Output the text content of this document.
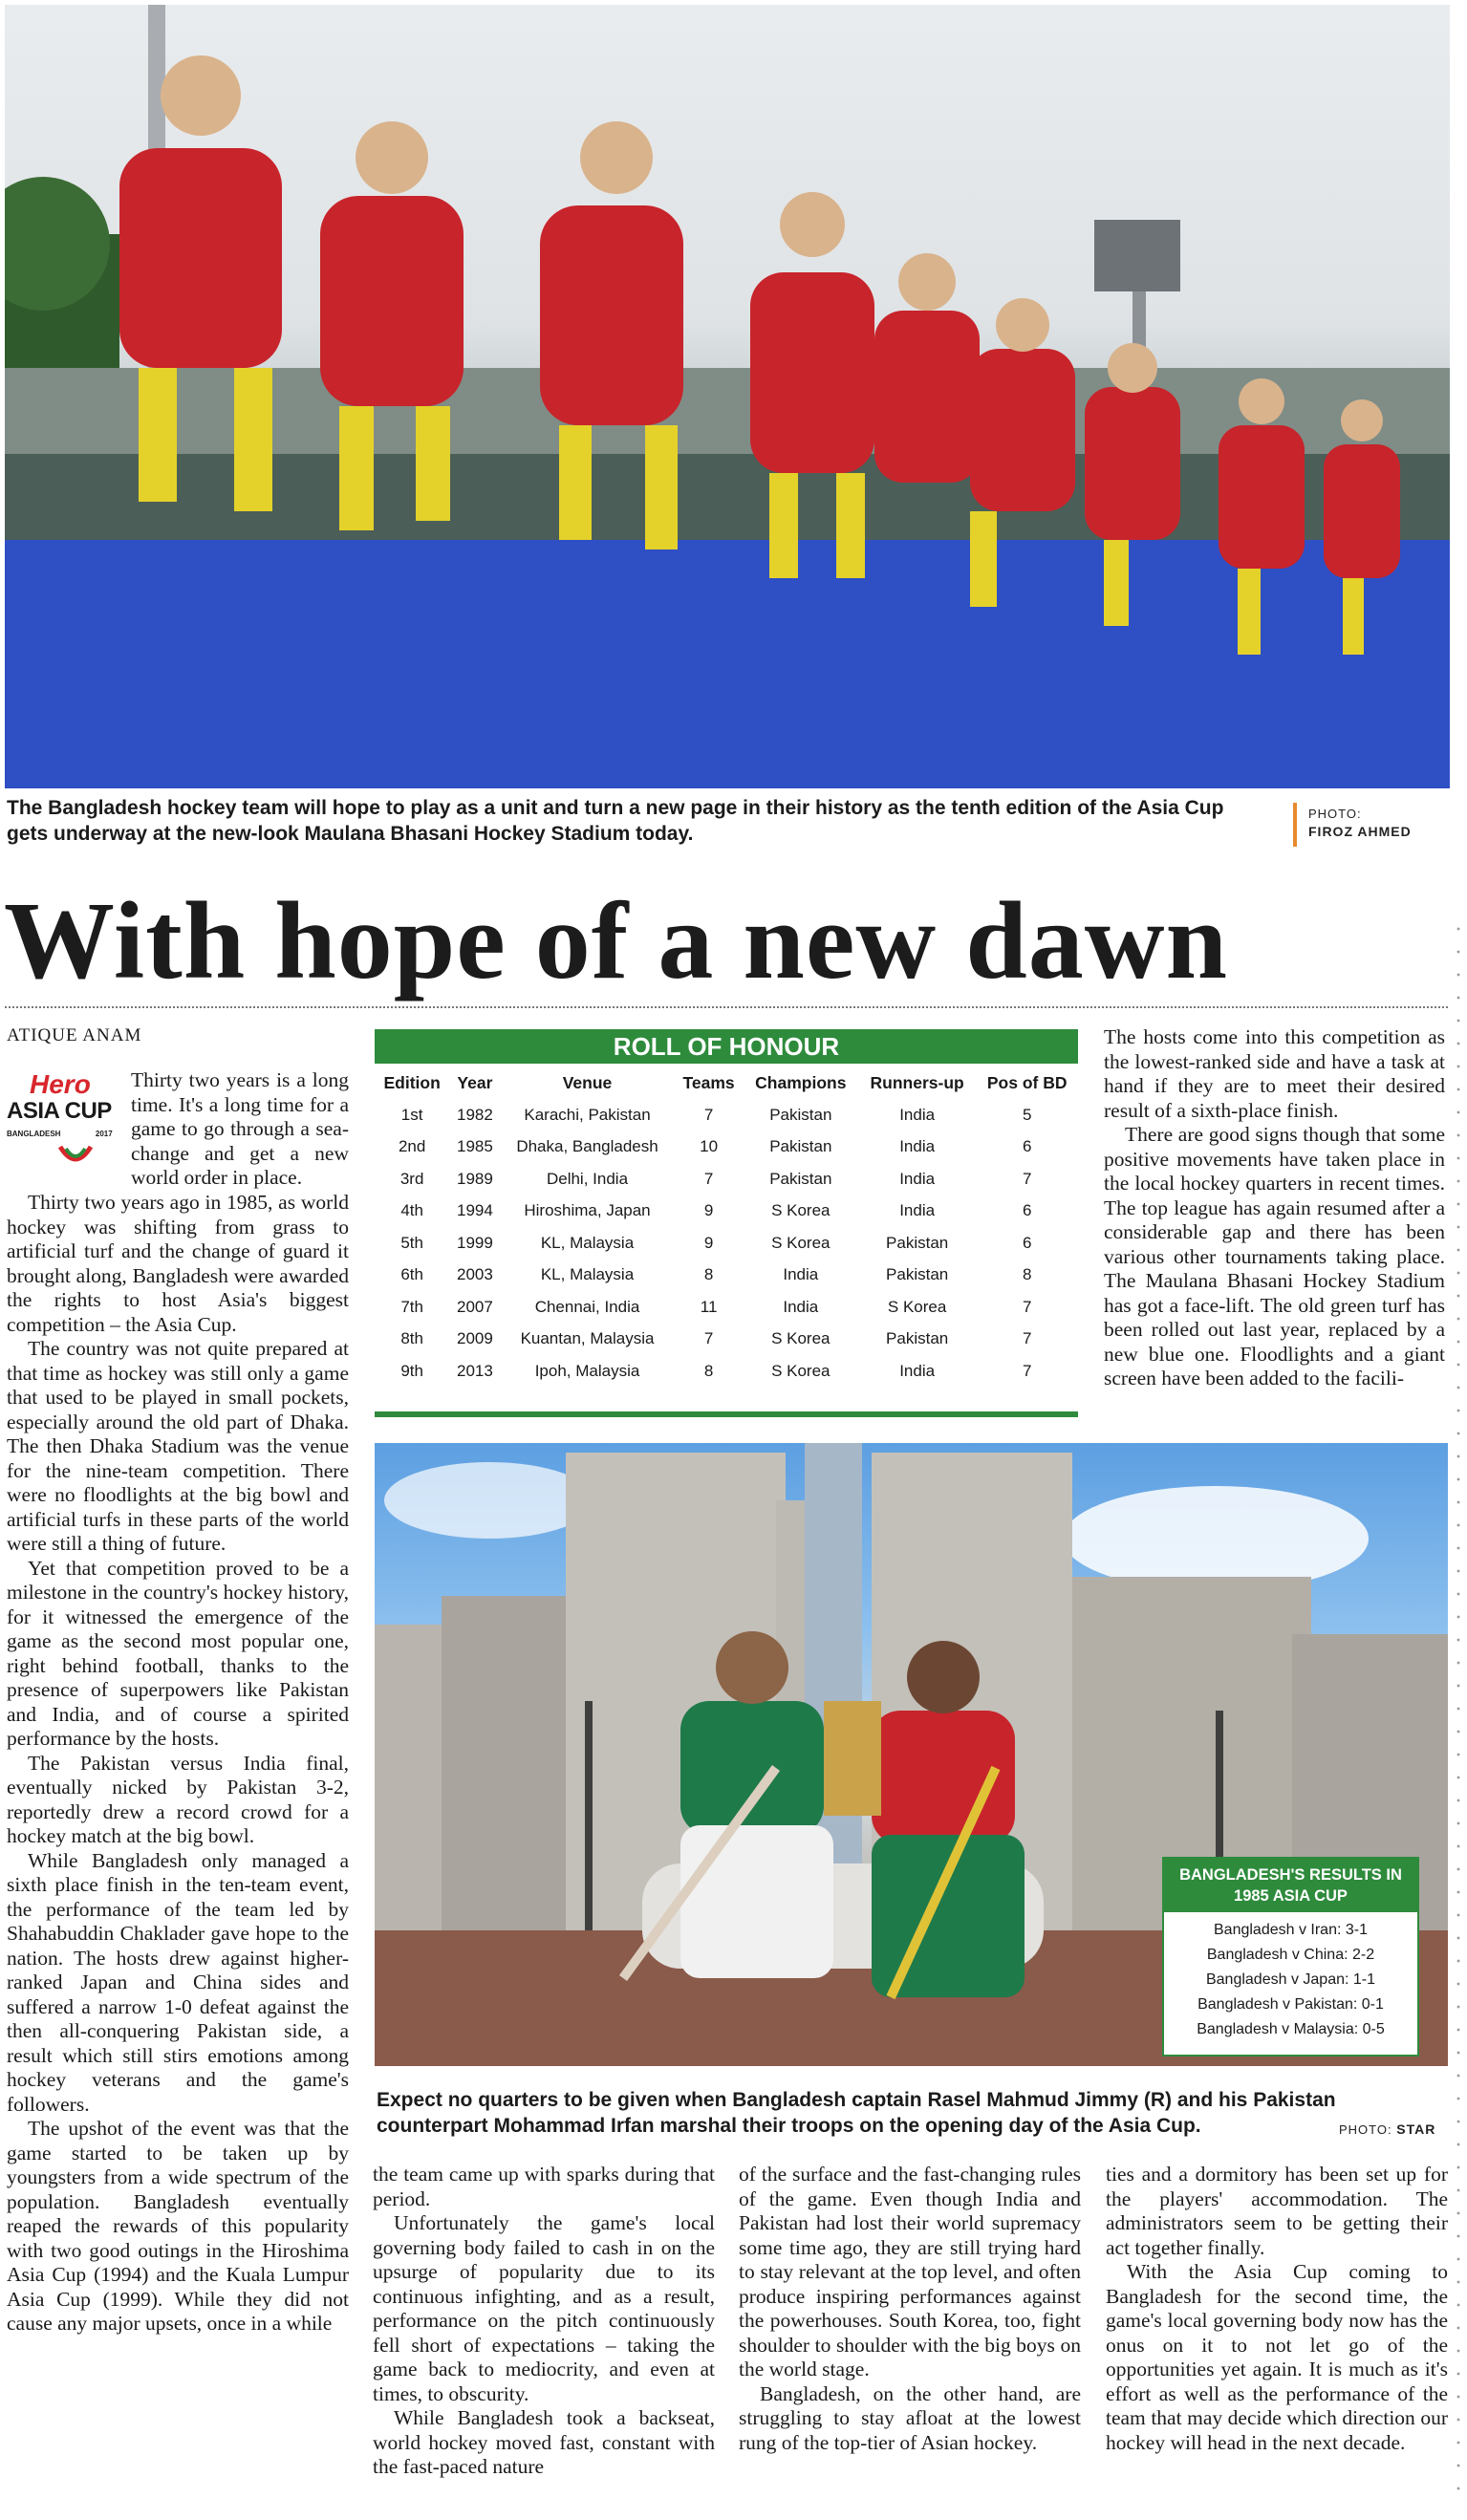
The Bangladesh hockey team will hope to play as a unit and turn a new page in their history as the tenth edition of the Asia Cup gets underway at the new-look Maulana Bhasani Hockey Stadium today.
PHOTO:
FIROZ AHMED
With hope of a new dawn
ATIQUE ANAM
Hero
ASIA CUP
BANGLADESH	2017

Thirty two years is a long time. It's a long time for a game to go through a sea-change and get a new world order in place.

Thirty two years ago in 1985, as world hockey was shifting from grass to artificial turf and the change of guard it brought along, Bangladesh were awarded the rights to host Asia's biggest competition – the Asia Cup.

The country was not quite prepared at that time as hockey was still only a game that used to be played in small pockets, especially around the old part of Dhaka. The then Dhaka Stadium was the venue for the nine-team competition. There were no floodlights at the big bowl and artificial turfs in these parts of the world were still a thing of future.

Yet that competition proved to be a milestone in the country's hockey history, for it witnessed the emergence of the game as the second most popular one, right behind football, thanks to the presence of superpowers like Pakistan and India, and of course a spirited performance by the hosts.

The Pakistan versus India final, eventually nicked by Pakistan 3-2, reportedly drew a record crowd for a hockey match at the big bowl.

While Bangladesh only managed a sixth place finish in the ten-team event, the performance of the team led by Shahabuddin Chaklader gave hope to the nation. The hosts drew against higher-ranked Japan and China sides and suffered a narrow 1-0 defeat against the then all-conquering Pakistan side, a result which still stirs emotions among hockey veterans and the game's followers.

The upshot of the event was that the game started to be taken up by youngsters from a wide spectrum of the population. Bangladesh eventually reaped the rewards of this popularity with two good outings in the Hiroshima Asia Cup (1994) and the Kuala Lumpur Asia Cup (1999). While they did not cause any major upsets, once in a while

ROLL OF HONOUR
Edition	Year	Venue	Teams	Champions	Runners-up	Pos of BD
1st	1982	Karachi, Pakistan	7	Pakistan	India	5
2nd	1985	Dhaka, Bangladesh	10	Pakistan	India	6
3rd	1989	Delhi, India	7	Pakistan	India	7
4th	1994	Hiroshima, Japan	9	S Korea	India	6
5th	1999	KL, Malaysia	9	S Korea	Pakistan	6
6th	2003	KL, Malaysia	8	India	Pakistan	8
7th	2007	Chennai, India	11	India	S Korea	7
8th	2009	Kuantan, Malaysia	7	S Korea	Pakistan	7
9th	2013	Ipoh, Malaysia	8	S Korea	India	7

The hosts come into this competition as the lowest-ranked side and have a task at hand if they are to meet their desired result of a sixth-place finish.

There are good signs though that some positive movements have taken place in the local hockey quarters in recent times. The top league has again resumed after a considerable gap and there has been various other tournaments taking place. The Maulana Bhasani Hockey Stadium has got a face-lift. The old green turf has been rolled out last year, replaced by a new blue one. Floodlights and a giant screen have been added to the facili-

BANGLADESH'S RESULTS IN 1985 ASIA CUP
Bangladesh v Iran: 3-1
Bangladesh v China: 2-2
Bangladesh v Japan: 1-1
Bangladesh v Pakistan: 0-1
Bangladesh v Malaysia: 0-5
Expect no quarters to be given when Bangladesh captain Rasel Mahmud Jimmy (R) and his Pakistan counterpart Mohammad Irfan marshal their troops on the opening day of the Asia Cup.	PHOTO: STAR

the team came up with sparks during that period.

Unfortunately the game's local governing body failed to cash in on the upsurge of popularity due to its continuous infighting, and as a result, performance on the pitch continuously fell short of expectations – taking the game back to mediocrity, and even at times, to obscurity.

While Bangladesh took a backseat, world hockey moved fast, constant with the fast-paced nature

of the surface and the fast-changing rules of the game. Even though India and Pakistan had lost their world supremacy some time ago, they are still trying hard to stay relevant at the top level, and often produce inspiring performances against the powerhouses. South Korea, too, fight shoulder to shoulder with the big boys on the world stage.

Bangladesh, on the other hand, are struggling to stay afloat at the lowest rung of the top-tier of Asian hockey.

ties and a dormitory has been set up for the players' accommodation. The administrators seem to be getting their act together finally.

With the Asia Cup coming to Bangladesh for the second time, the game's local governing body now has the onus on it to not let go of the opportunities yet again. It is much as it's effort as well as the performance of the team that may decide which direction our hockey will head in the next decade.
